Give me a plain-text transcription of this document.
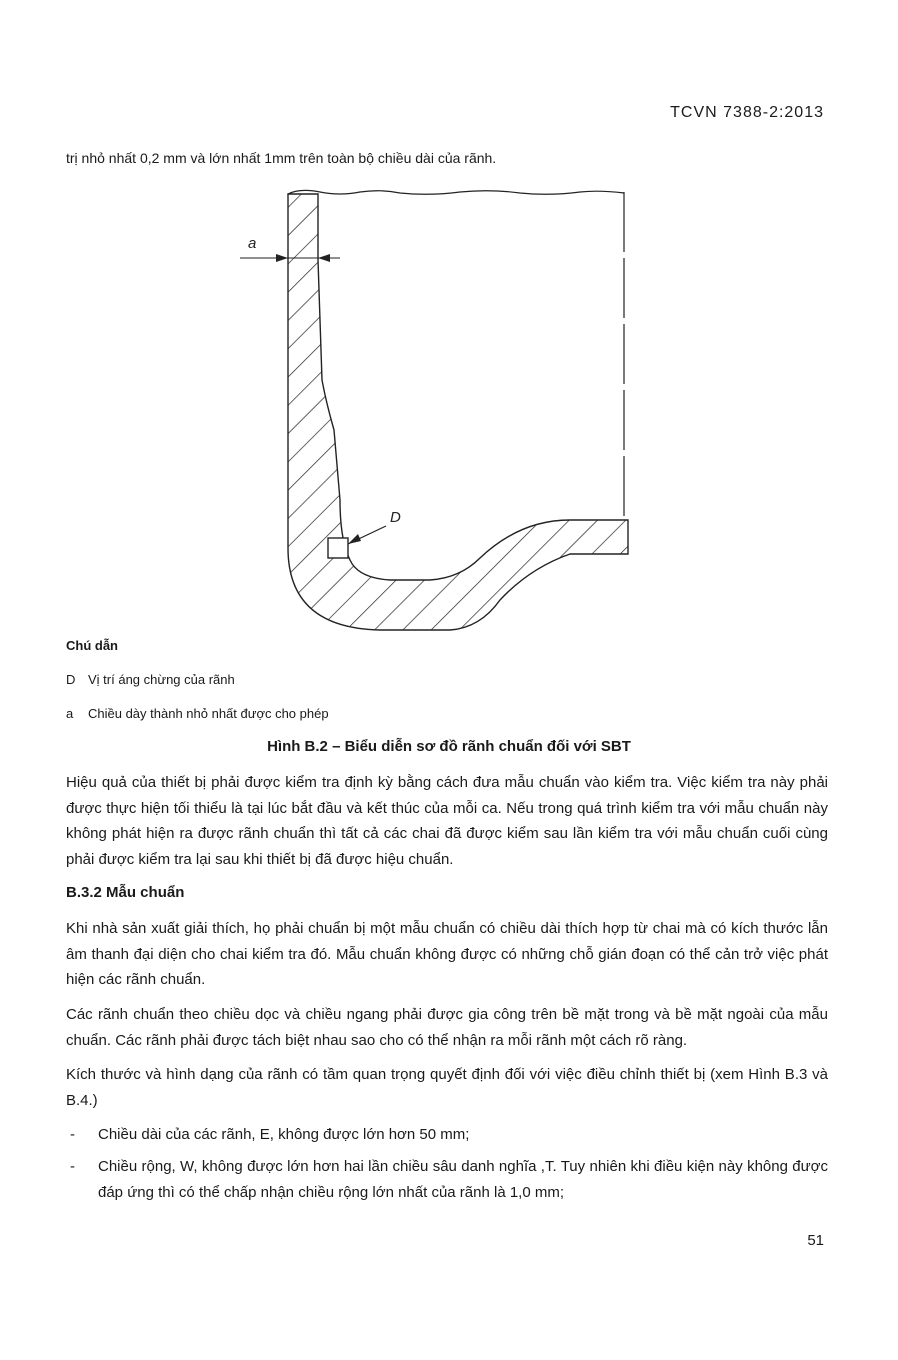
TCVN 7388-2:2013
trị nhỏ nhất 0,2 mm và lớn nhất 1mm trên toàn bộ chiều dài của rãnh.
a
D
Chú dẫn
D Vị trí áng chừng của rãnh
a Chiều dày thành nhỏ nhất được cho phép
Hình B.2 – Biểu diễn sơ đồ rãnh chuẩn đối với SBT

Hiệu quả của thiết bị phải được kiểm tra định kỳ bằng cách đưa mẫu chuẩn vào kiểm tra. Việc kiểm tra này phải được thực hiện tối thiểu là tại lúc bắt đầu và kết thúc của mỗi ca. Nếu trong quá trình kiểm tra với mẫu chuẩn này không phát hiện ra được rãnh chuẩn thì tất cả các chai đã được kiểm sau lần kiểm tra với mẫu chuẩn cuối cùng phải được kiểm tra lại sau khi thiết bị đã được hiệu chuẩn.

B.3.2 Mẫu chuẩn

Khi nhà sản xuất giải thích, họ phải chuẩn bị một mẫu chuẩn có chiều dài thích hợp từ chai mà có kích thước lẫn âm thanh đại diện cho chai kiểm tra đó. Mẫu chuẩn không được có những chỗ gián đoạn có thể cản trở việc phát hiện các rãnh chuẩn.

Các rãnh chuẩn theo chiều dọc và chiều ngang phải được gia công trên bề mặt trong và bề mặt ngoài của mẫu chuẩn. Các rãnh phải được tách biệt nhau sao cho có thể nhận ra mỗi rãnh một cách rõ ràng.

Kích thước và hình dạng của rãnh có tầm quan trọng quyết định đối với việc điều chỉnh thiết bị (xem Hình B.3 và B.4.)

- Chiều dài của các rãnh, E, không được lớn hơn 50 mm;
- Chiều rộng, W, không được lớn hơn hai lần chiều sâu danh nghĩa ,T. Tuy nhiên khi điều kiện này không được đáp ứng thì có thể chấp nhận chiều rộng lớn nhất của rãnh là 1,0 mm;
51
